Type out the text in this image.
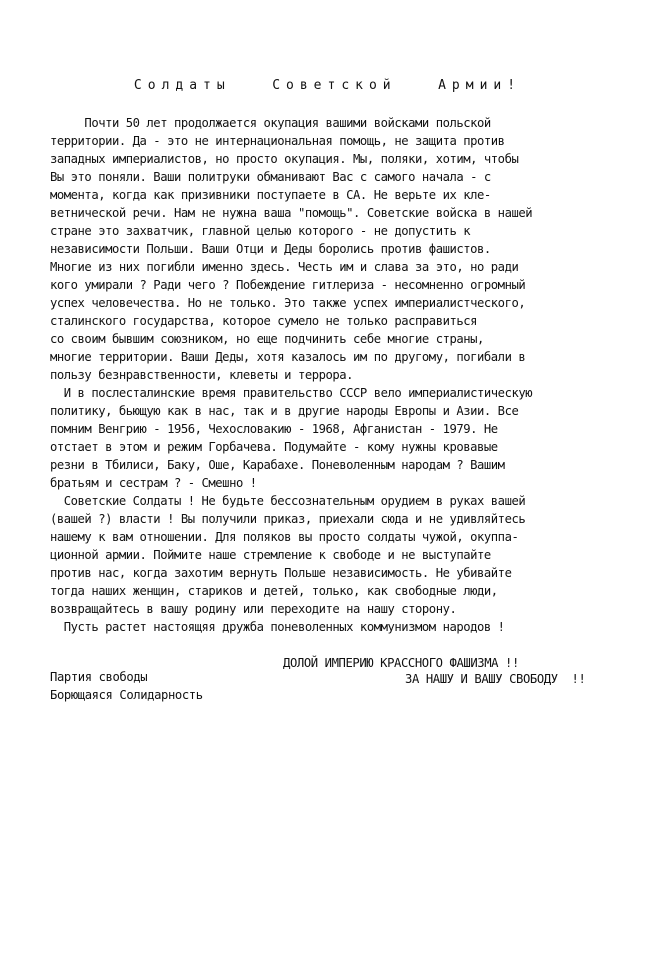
Солдаты   Советской   Армии!
Почти 50 лет продолжается окупация вашими войсками польской
территории. Да - это не интернациональная помощь, не защита против
западных империалистов, но просто окупация. Мы, поляки, хотим, чтобы
Вы это поняли. Ваши политруки обманивают Вас с самого начала - с
момента, когда как призивники поступаете в СА. Не верьте их кле-
ветнической речи. Нам не нужна ваша "помощь". Советские войска в нашей
стране это захватчик, главной целью которого - не допустить к
независимости Польши. Ваши Отци и Деды боролись против фашистов.
Многие из них погибли именно здесь. Честь им и слава за это, но ради
кого умирали ? Ради чего ? Побеждение гитлериза - несомненно огромный
успех человечества. Но не только. Это также успех империалистческого,
сталинского государства, которое сумело не только расправиться
со своим бывшим союзником, но еще подчинить себе многие страны,
многие территории. Ваши Деды, хотя казалось им по другому, погибали в
пользу безнравственности, клеветы и террора.
И в послесталинские время правительство СССР вело империалистическую
политику, бьющую как в нас, так и в другие народы Европы и Азии. Все
помним Венгрию - 1956, Чехословакию - 1968, Афганистан - 1979. Не
отстает в этом и режим Горбачева. Подумайте - кому нужны кровавые
резни в Тбилиси, Баку, Оше, Карабахе. Поневоленным народам ? Вашим
братьям и сестрам ? - Смешно !
Советские Солдаты ! Не будьте бессознательным орудием в руках вашей
(вашей ?) власти ! Вы получили приказ, приехали сюда и не удивляйтесь
нашему к вам отношении. Для поляков вы просто солдаты чужой, окуппа-
ционной армии. Поймите наше стремление к свободе и не выступайте
против нас, когда захотим вернуть Польше независимость. Не убивайте
тогда наших женщин, стариков и детей, только, как свободные люди,
возвращайтесь в вашу родину или переходите на нашу сторону.
Пусть растет настоящяя дружба поневоленных коммунизмом народов !
ДОЛОЙ ИМПЕРИЮ КРАССНОГО ФАШИЗМА !!
ЗА НАШУ И ВАШУ СВОБОДУ  !!
Партия свободы
Борющаяся Солидарность
